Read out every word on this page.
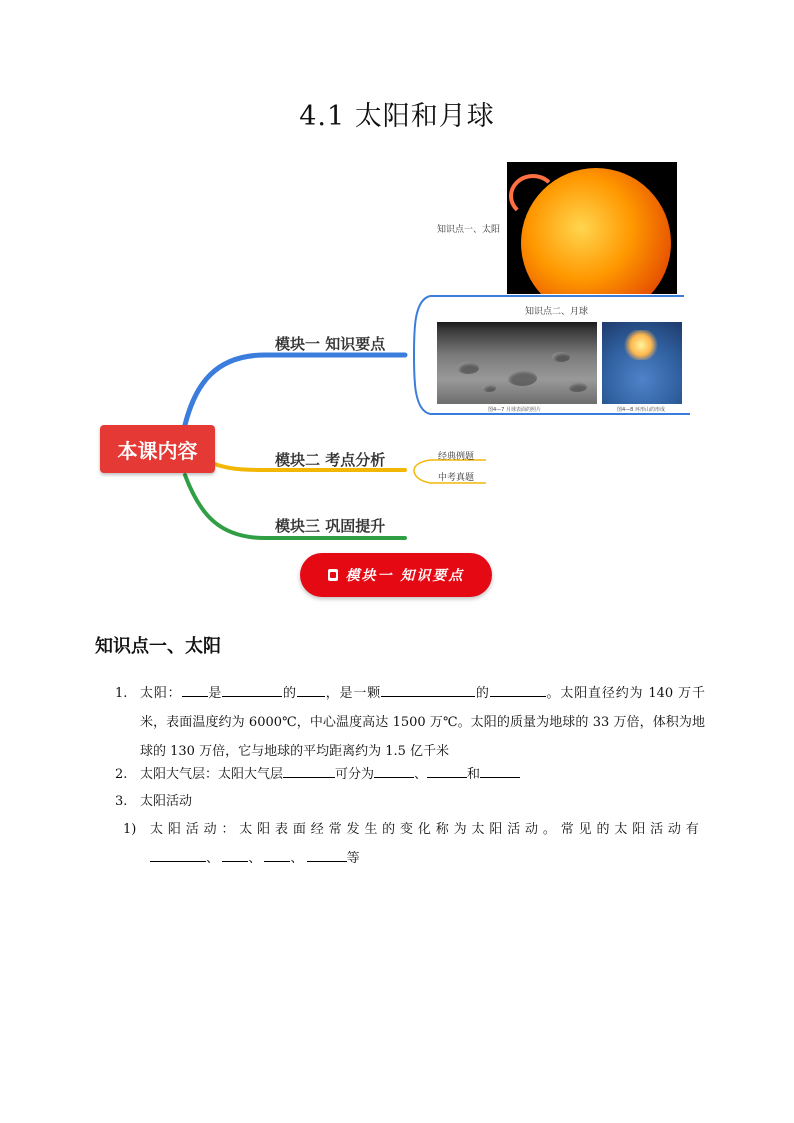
4.1 太阳和月球
本课内容
模块一 知识要点
模块二 考点分析
模块三 巩固提升
知识点一、太阳
知识点二、月球
经典例题
中考真题
图4—7 月球表面的照片	图4—8 环形山的形成
模块一 知识要点
知识点一、太阳
1. 太阳： 是	的 ，是一颗	的	。太阳直径约为 140 万千米，表面温度约为 6000℃，中心温度高达 1500 万℃。太阳的质量为地球的 33 万倍，体积为地球的 130 万倍，它与地球的平均距离约为 1.5 亿千米
2. 太阳大气层：太阳大气层	可分为	、	和
3. 太阳活动
1) 太阳活动：太阳表面经常发生的变化称为太阳活动。常见的太阳活动有、 、 、	等
